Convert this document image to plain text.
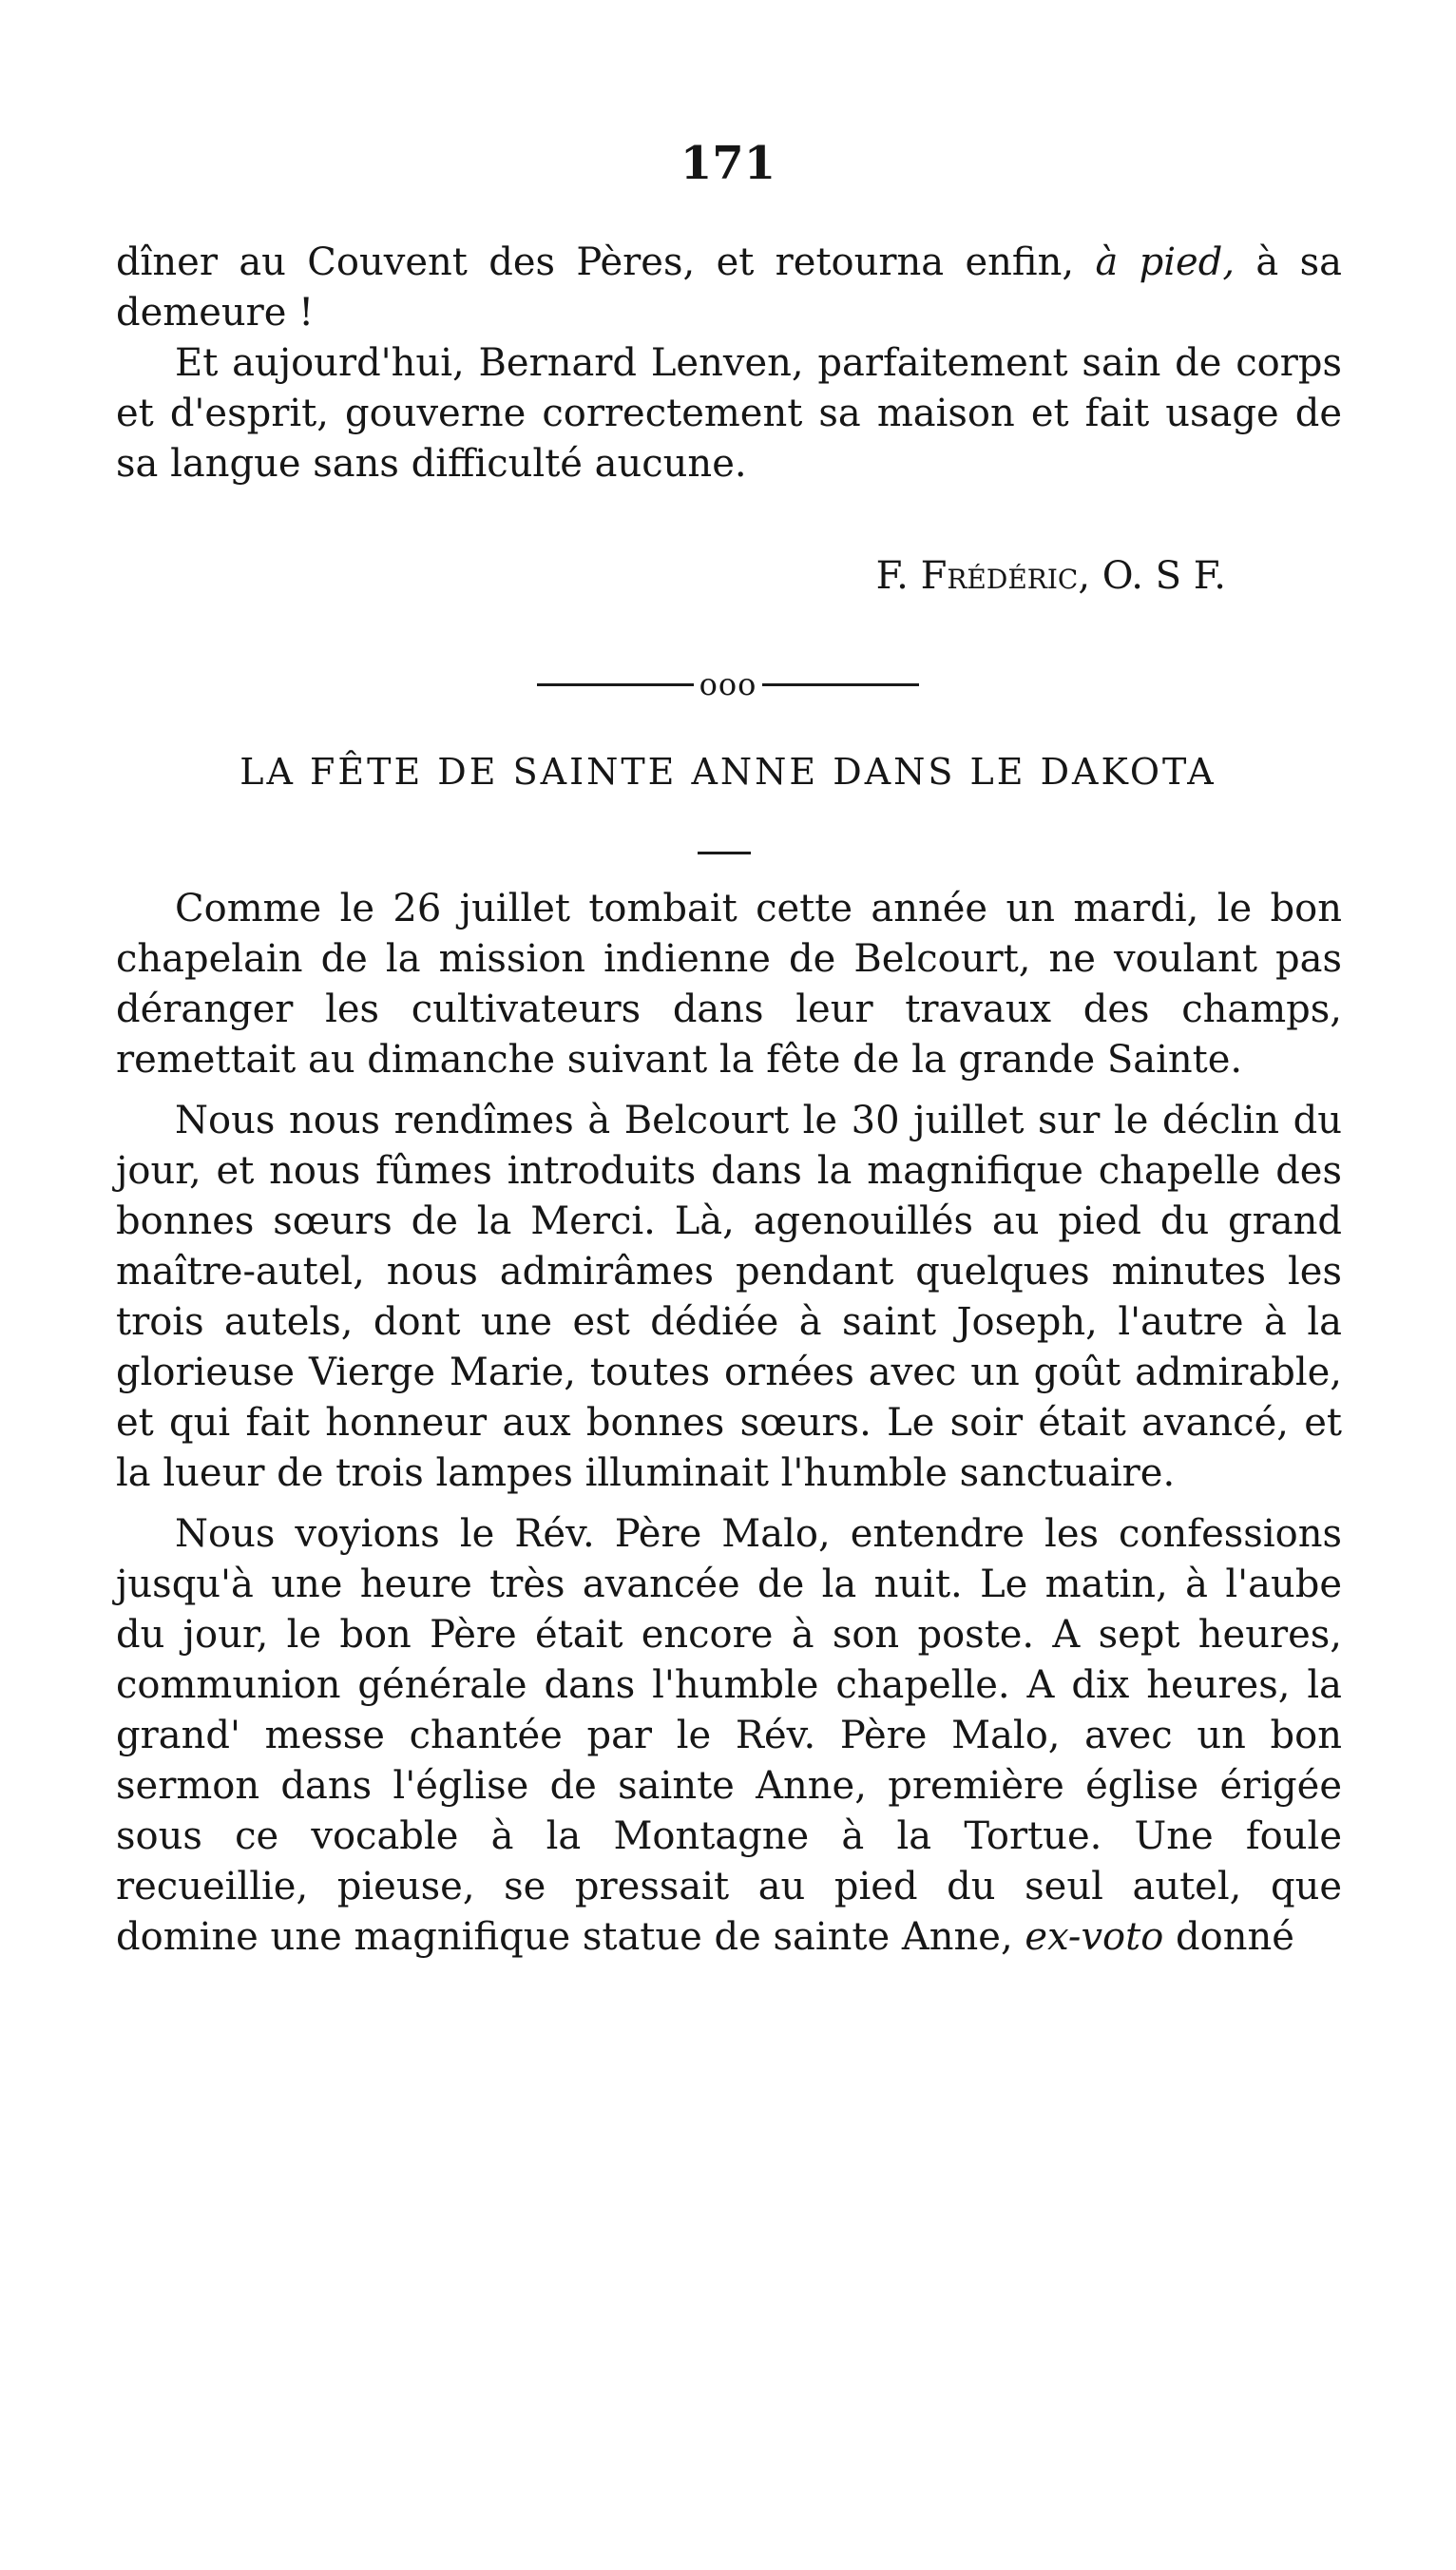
171

dîner au Couvent des Pères, et retourna enfin, à pied, à sa demeure !

Et aujourd'hui, Bernard Lenven, parfaitement sain de corps et d'esprit, gouverne correctement sa maison et fait usage de sa langue sans difficulté aucune.

F. Frédéric, O. S F.
ooo
LA FÊTE DE SAINTE ANNE DANS LE DAKOTA

Comme le 26 juillet tombait cette année un mardi, le bon chapelain de la mission indienne de Belcourt, ne voulant pas déranger les cultivateurs dans leur travaux des champs, remettait au dimanche suivant la fête de la grande Sainte.

Nous nous rendîmes à Belcourt le 30 juillet sur le déclin du jour, et nous fûmes introduits dans la magnifique chapelle des bonnes sœurs de la Merci. Là, agenouillés au pied du grand maître-autel, nous admirâmes pendant quelques minutes les trois autels, dont une est dédiée à saint Joseph, l'autre à la glorieuse Vierge Marie, toutes ornées avec un goût admirable, et qui fait honneur aux bonnes sœurs. Le soir était avancé, et la lueur de trois lampes illuminait l'humble sanctuaire.

Nous voyions le Rév. Père Malo, entendre les confessions jusqu'à une heure très avancée de la nuit. Le matin, à l'aube du jour, le bon Père était encore à son poste. A sept heures, communion générale dans l'humble chapelle. A dix heures, la grand' messe chantée par le Rév. Père Malo, avec un bon sermon dans l'église de sainte Anne, première église érigée sous ce vocable à la Montagne à la Tortue. Une foule recueillie, pieuse, se pressait au pied du seul autel, que domine une magnifique statue de sainte Anne, ex-voto donné
